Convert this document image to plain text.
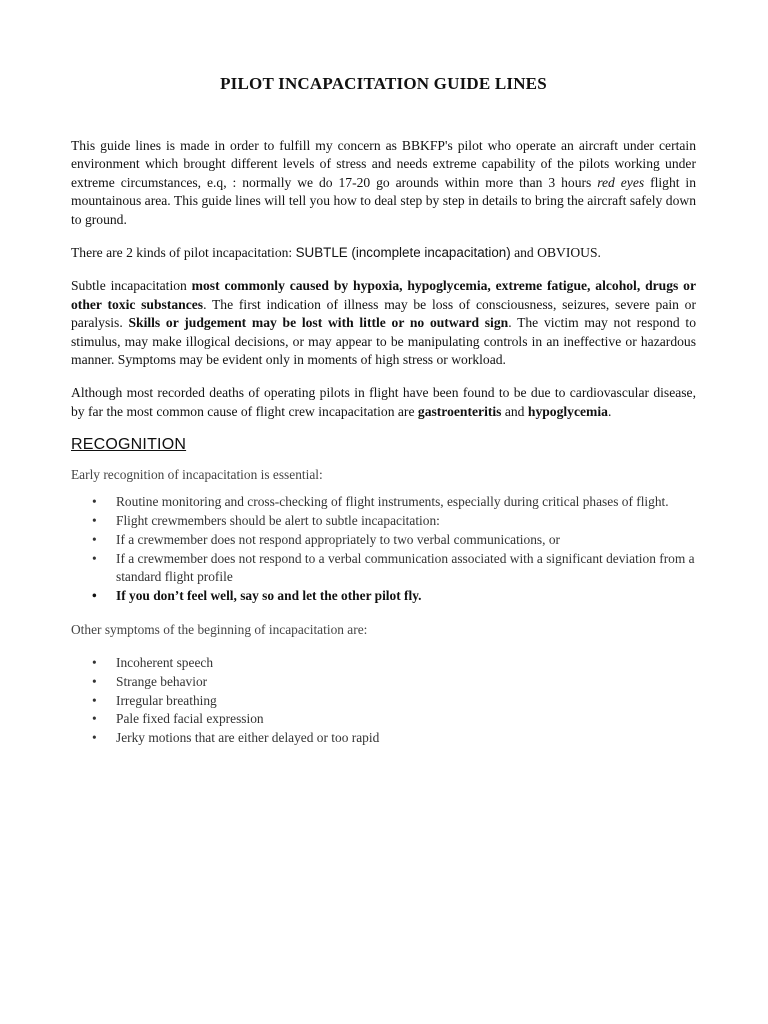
PILOT INCAPACITATION GUIDE LINES

This guide lines is made in order to fulfill my concern as BBKFP's pilot who operate an aircraft under certain environment which brought different levels of stress and needs extreme capability of the pilots working under extreme circumstances, e.q, : normally we do 17-20 go arounds within more than 3 hours red eyes flight in mountainous area. This guide lines will tell you how to deal step by step in details to bring the aircraft safely down to ground.

There are 2 kinds of pilot incapacitation: SUBTLE (incomplete incapacitation) and OBVIOUS.

Subtle incapacitation most commonly caused by hypoxia, hypoglycemia, extreme fatigue, alcohol, drugs or other toxic substances. The first indication of illness may be loss of consciousness, seizures, severe pain or paralysis. Skills or judgement may be lost with little or no outward sign. The victim may not respond to stimulus, may make illogical decisions, or may appear to be manipulating controls in an ineffective or hazardous manner. Symptoms may be evident only in moments of high stress or workload.

Although most recorded deaths of operating pilots in flight have been found to be due to cardiovascular disease, by far the most common cause of flight crew incapacitation are gastroenteritis and hypoglycemia.

RECOGNITION
Early recognition of incapacitation is essential:
• Routine monitoring and cross-checking of flight instruments, especially during critical phases of flight.
• Flight crewmembers should be alert to subtle incapacitation:
• If a crewmember does not respond appropriately to two verbal communications, or
• If a crewmember does not respond to a verbal communication associated with a significant deviation from a standard flight profile
• If you don’t feel well, say so and let the other pilot fly.
Other symptoms of the beginning of incapacitation are:
• Incoherent speech
• Strange behavior
• Irregular breathing
• Pale fixed facial expression
• Jerky motions that are either delayed or too rapid
